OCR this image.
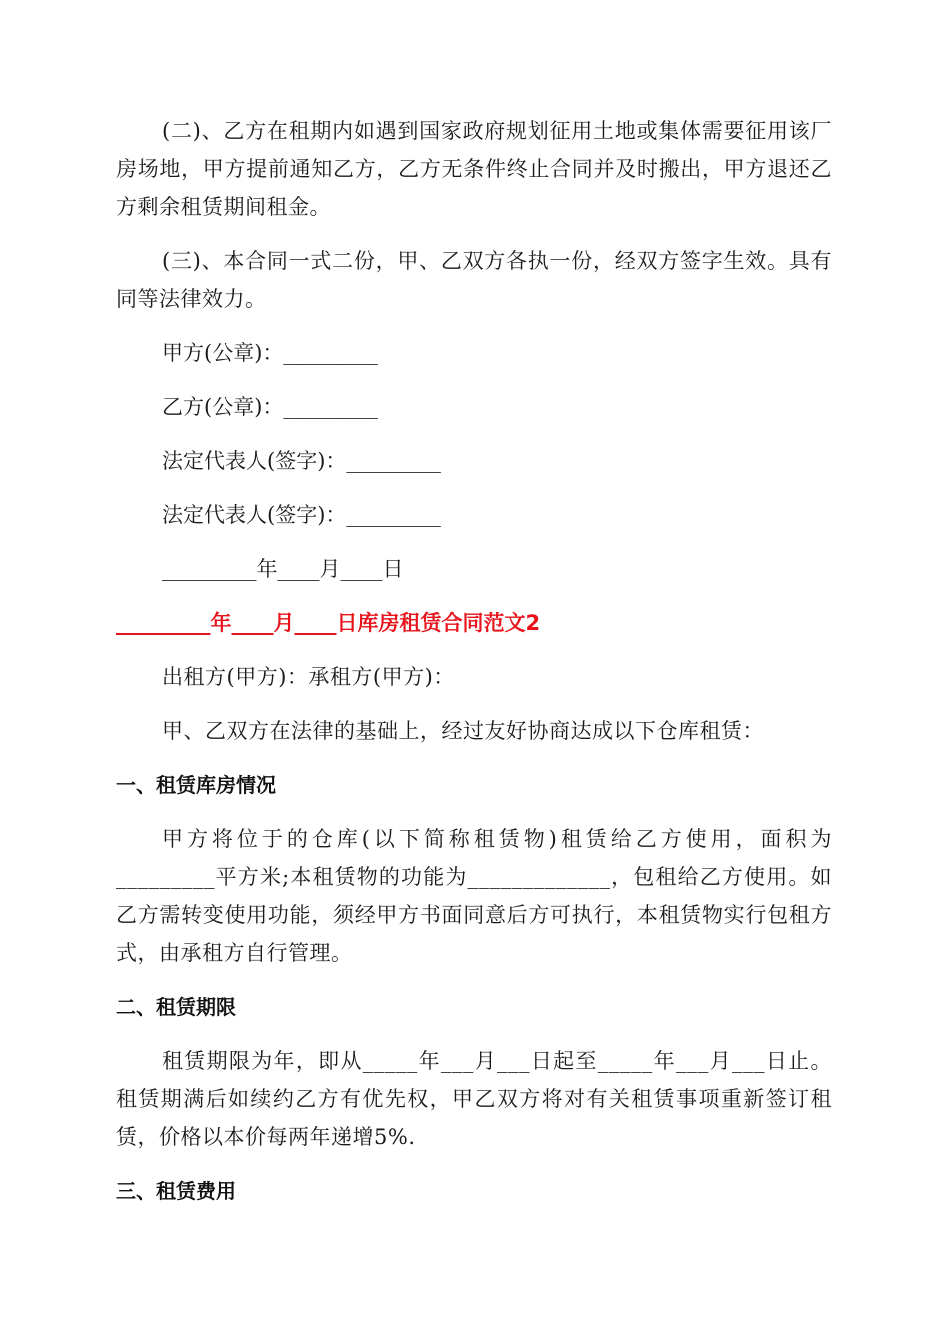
(二)、乙方在租期内如遇到国家政府规划征用土地或集体需要征用该厂房场地，甲方提前通知乙方，乙方无条件终止合同并及时搬出，甲方退还乙方剩余租赁期间租金。

(三)、本合同一式二份，甲、乙双方各执一份，经双方签字生效。具有同等法律效力。

甲方(公章)：_________

乙方(公章)：_________

法定代表人(签字)：_________

法定代表人(签字)：_________

_________年____月____日

_________年____月____日库房租赁合同范文2

出租方(甲方)：承租方(甲方)：

甲、乙双方在法律的基础上，经过友好协商达成以下仓库租赁：

一、租赁库房情况

甲方将位于的仓库(以下简称租赁物)租赁给乙方使用，面积为_________平方米;本租赁物的功能为_____________，包租给乙方使用。如乙方需转变使用功能，须经甲方书面同意后方可执行，本租赁物实行包租方式，由承租方自行管理。

二、租赁期限

租赁期限为年，即从_____年___月___日起至_____年___月___日止。租赁期满后如续约乙方有优先权，甲乙双方将对有关租赁事项重新签订租赁，价格以本价每两年递增5%.

三、租赁费用
